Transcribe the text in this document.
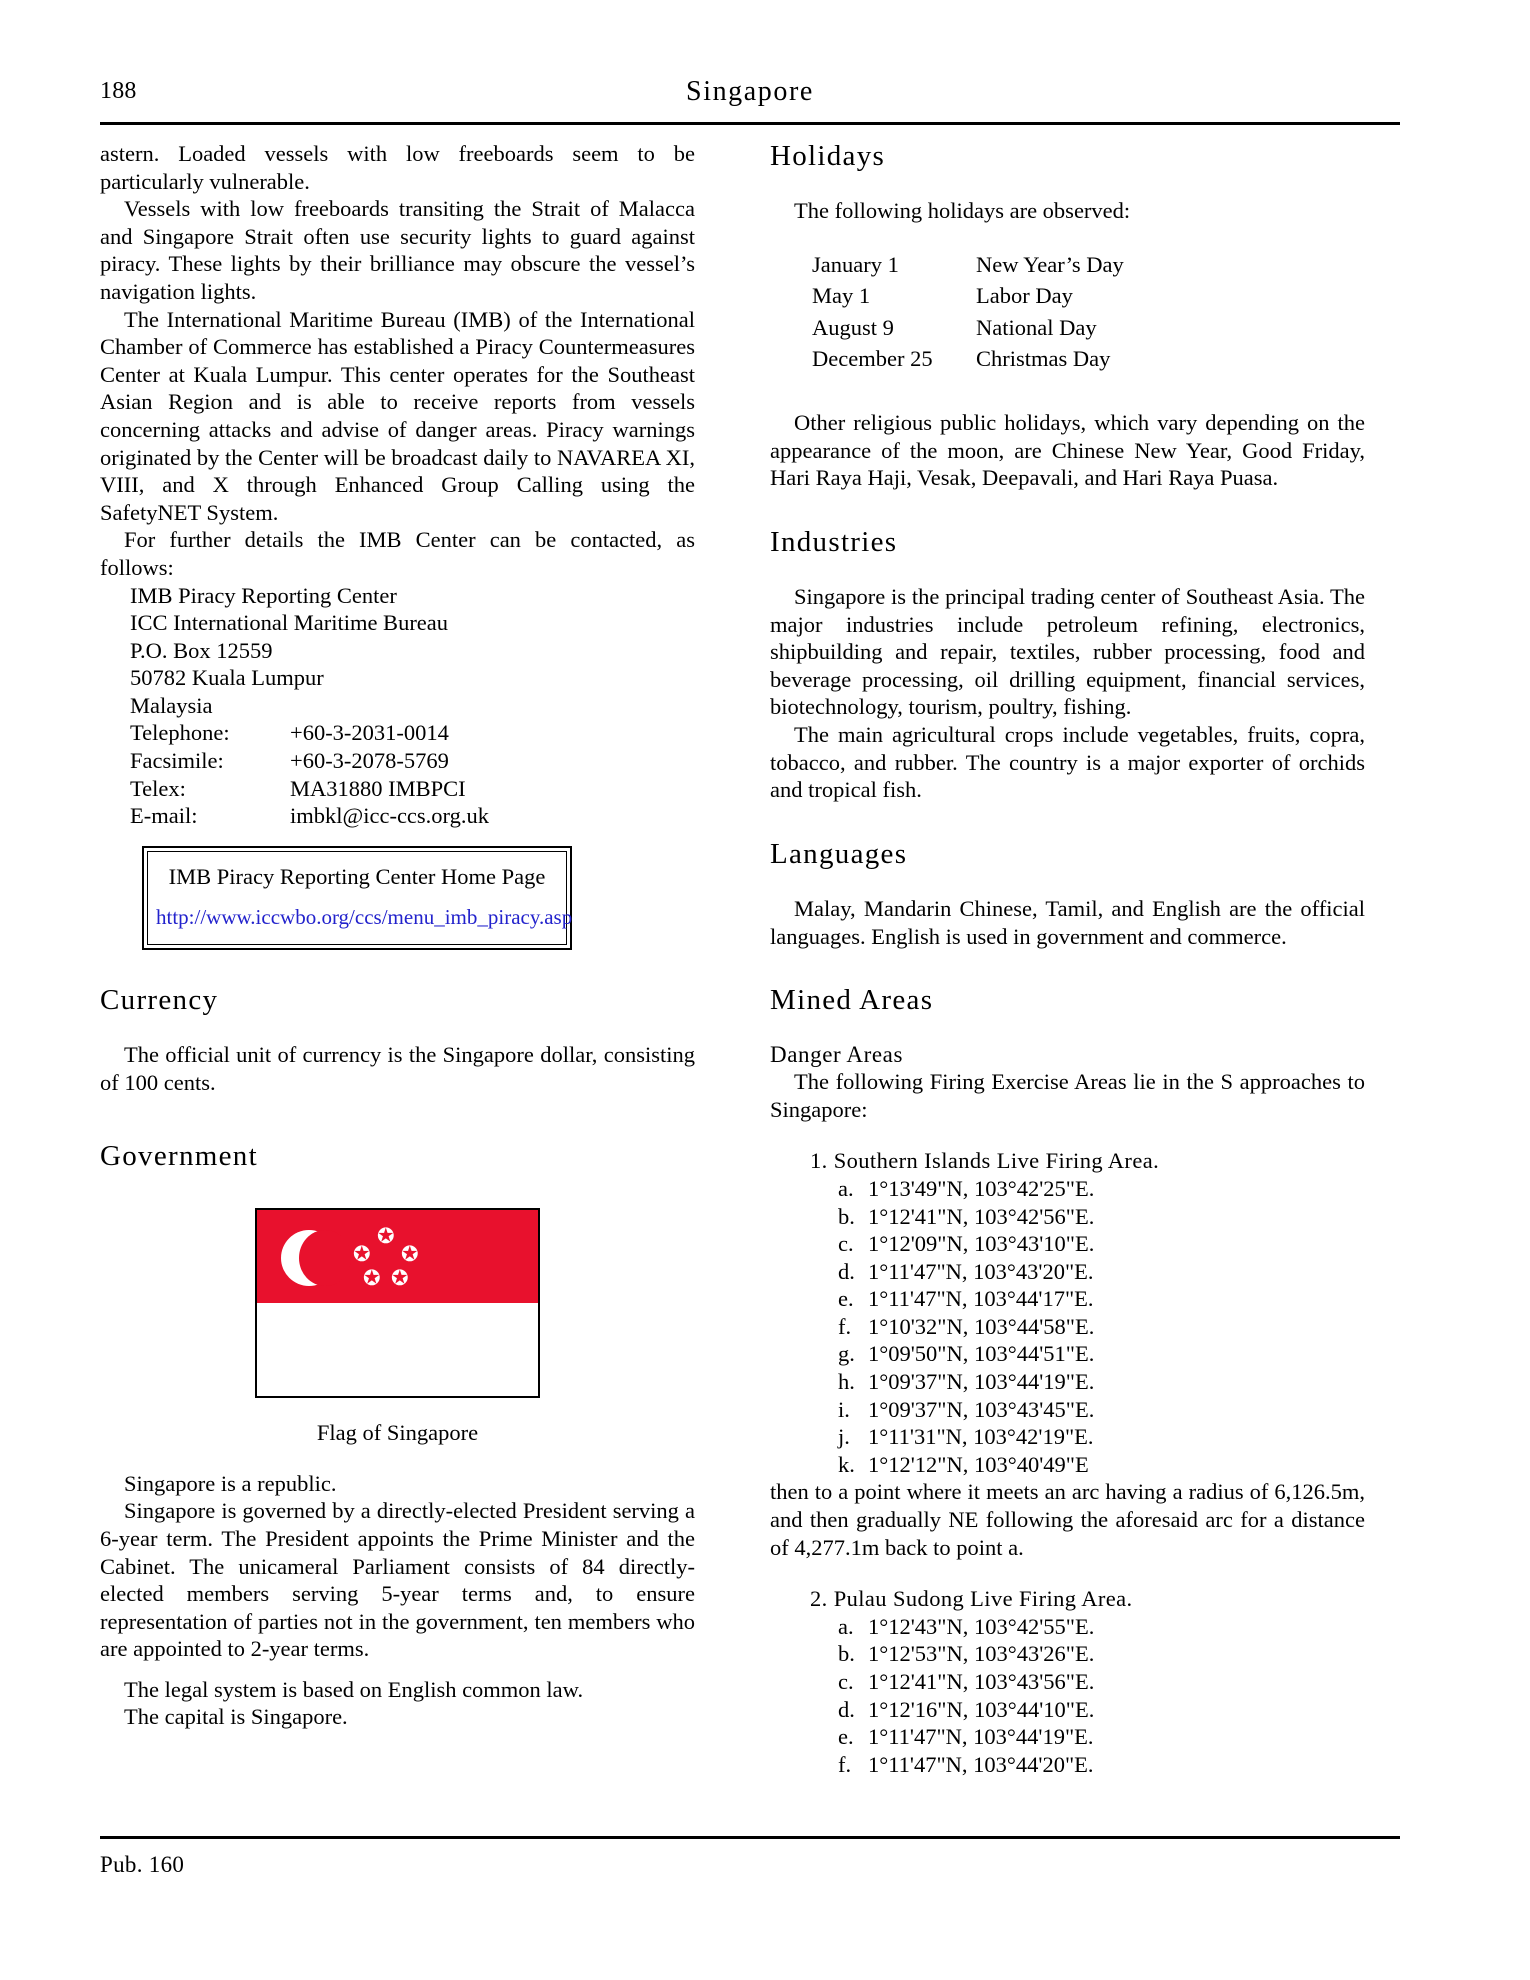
188	Singapore

astern. Loaded vessels with low freeboards seem to be particularly vulnerable.

Vessels with low freeboards transiting the Strait of Malacca and Singapore Strait often use security lights to guard against piracy. These lights by their brilliance may obscure the vessel’s navigation lights.

The International Maritime Bureau (IMB) of the International Chamber of Commerce has established a Piracy Countermeasures Center at Kuala Lumpur. This center operates for the Southeast Asian Region and is able to receive reports from vessels concerning attacks and advise of danger areas. Piracy warnings originated by the Center will be broadcast daily to NAVAREA XI, VIII, and X through Enhanced Group Calling using the SafetyNET System.

For further details the IMB Center can be contacted, as follows:

IMB Piracy Reporting Center
ICC International Maritime Bureau
P.O. Box 12559
50782 Kuala Lumpur
Malaysia
Telephone:	+60-3-2031-0014
Facsimile:	+60-3-2078-5769
Telex:	MA31880 IMBPCI
E-mail:	imbkl@icc-ccs.org.uk
IMB Piracy Reporting Center Home Page
http://www.iccwbo.org/ccs/menu_imb_piracy.asp
Currency

The official unit of currency is the Singapore dollar, consisting of 100 cents.

Government
✪
✪ ✪
✪ ✪
Flag of Singapore

Singapore is a republic.

Singapore is governed by a directly-elected President serving a 6-year term. The President appoints the Prime Minister and the Cabinet. The unicameral Parliament consists of 84 directly-elected members serving 5-year terms and, to ensure representation of parties not in the government, ten members who are appointed to 2-year terms.

The legal system is based on English common law.

The capital is Singapore.

Holidays

The following holidays are observed:

January 1	New Year’s Day
May 1	Labor Day
August 9	National Day
December 25	Christmas Day

Other religious public holidays, which vary depending on the appearance of the moon, are Chinese New Year, Good Friday, Hari Raya Haji, Vesak, Deepavali, and Hari Raya Puasa.

Industries

Singapore is the principal trading center of Southeast Asia. The major industries include petroleum refining, electronics, shipbuilding and repair, textiles, rubber processing, food and beverage processing, oil drilling equipment, financial services, biotechnology, tourism, poultry, fishing.

The main agricultural crops include vegetables, fruits, copra, tobacco, and rubber. The country is a major exporter of orchids and tropical fish.

Languages

Malay, Mandarin Chinese, Tamil, and English are the official languages. English is used in government and commerce.

Mined Areas
Danger Areas

The following Firing Exercise Areas lie in the S approaches to Singapore:

1. Southern Islands Live Firing Area.
a. 1°13'49"N, 103°42'25"E.
b. 1°12'41"N, 103°42'56"E.
c. 1°12'09"N, 103°43'10"E.
d. 1°11'47"N, 103°43'20"E.
e. 1°11'47"N, 103°44'17"E.
f. 1°10'32"N, 103°44'58"E.
g. 1°09'50"N, 103°44'51"E.
h. 1°09'37"N, 103°44'19"E.
i. 1°09'37"N, 103°43'45"E.
j. 1°11'31"N, 103°42'19"E.
k. 1°12'12"N, 103°40'49"E

then to a point where it meets an arc having a radius of 6,126.5m, and then gradually NE following the aforesaid arc for a distance of 4,277.1m back to point a.

2. Pulau Sudong Live Firing Area.
a. 1°12'43"N, 103°42'55"E.
b. 1°12'53"N, 103°43'26"E.
c. 1°12'41"N, 103°43'56"E.
d. 1°12'16"N, 103°44'10"E.
e. 1°11'47"N, 103°44'19"E.
f. 1°11'47"N, 103°44'20"E.
Pub. 160
